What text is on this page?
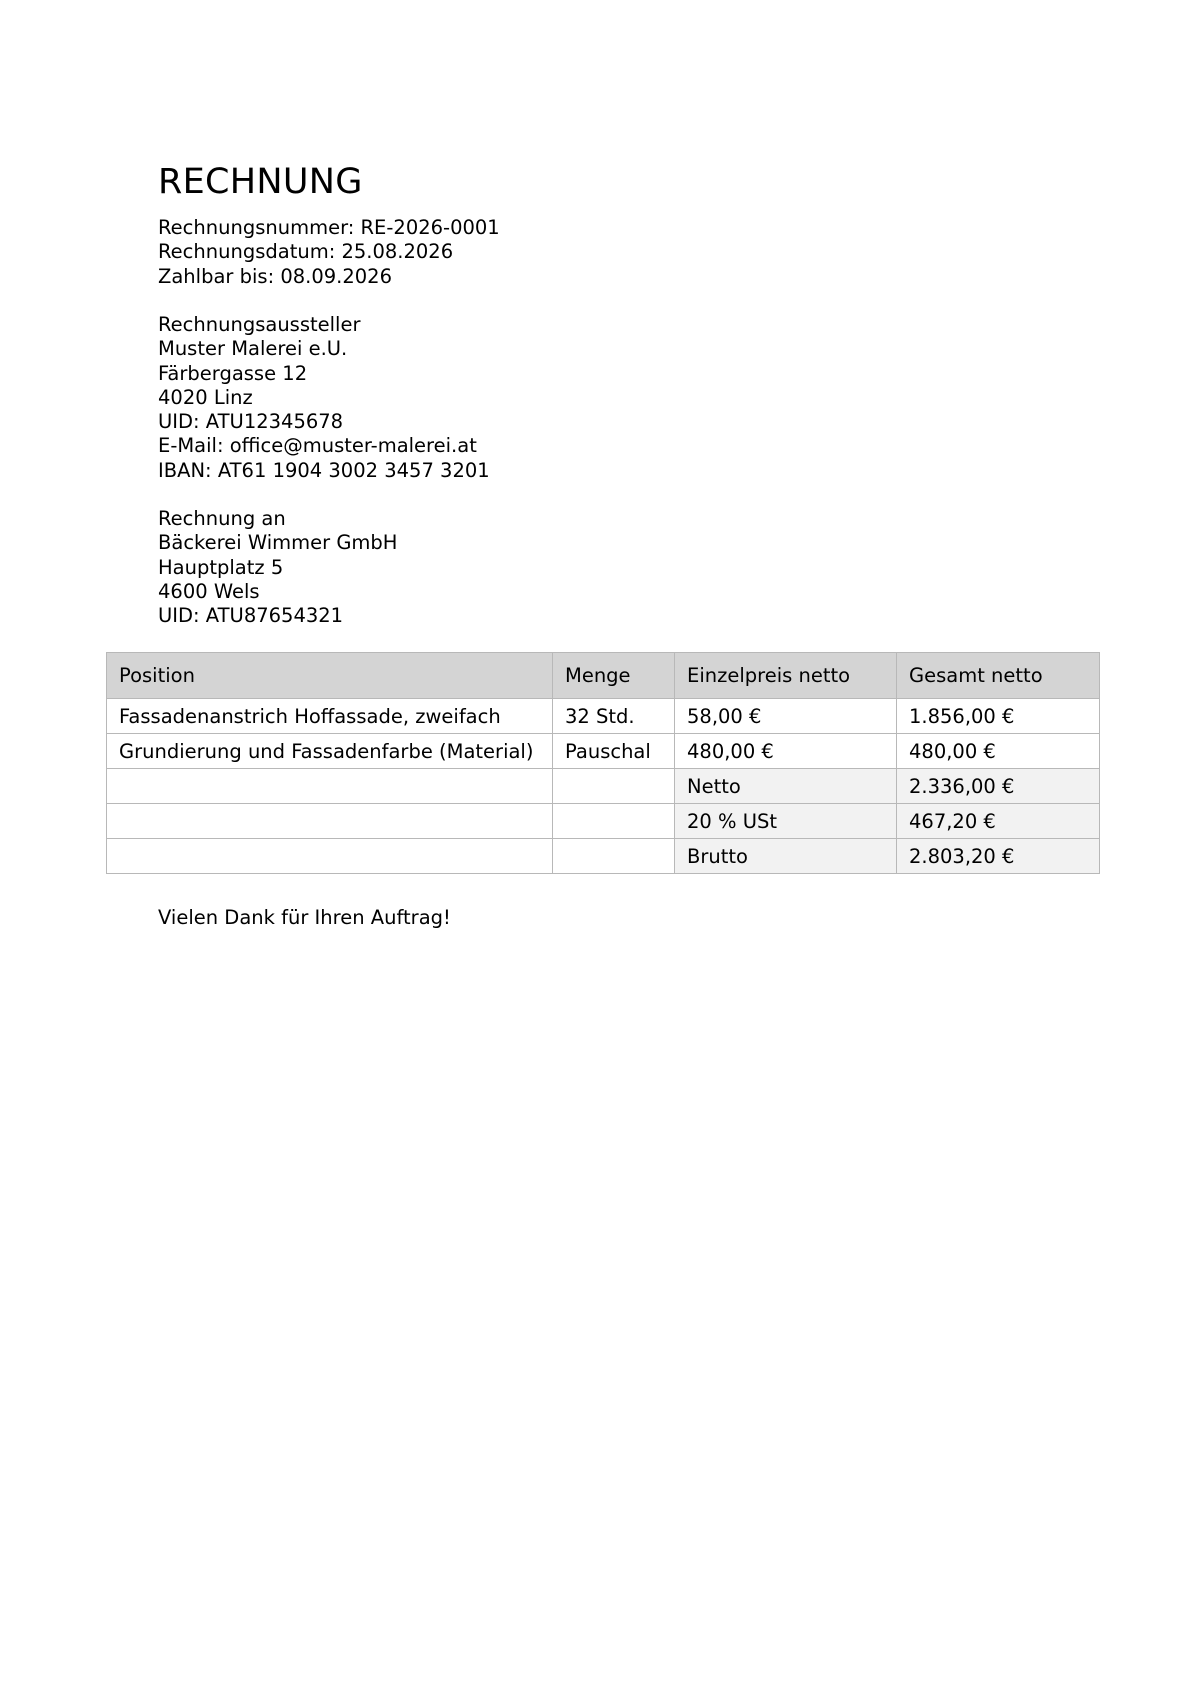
RECHNUNG
Rechnungsnummer: RE-2026-0001
Rechnungsdatum: 25.08.2026
Zahlbar bis: 08.09.2026
Rechnungsaussteller
Muster Malerei e.U.
Färbergasse 12
4020 Linz
UID: ATU12345678
E-Mail: office@muster-malerei.at
IBAN: AT61 1904 3002 3457 3201
Rechnung an
Bäckerei Wimmer GmbH
Hauptplatz 5
4600 Wels
UID: ATU87654321
Position	Menge	Einzelpreis netto	Gesamt netto
Fassadenanstrich Hoffassade, zweifach	32 Std.	58,00 €	1.856,00 €
Grundierung und Fassadenfarbe (Material)	Pauschal	480,00 €	480,00 €
		Netto	2.336,00 €
		20 % USt	467,20 €
		Brutto	2.803,20 €
Vielen Dank für Ihren Auftrag!
